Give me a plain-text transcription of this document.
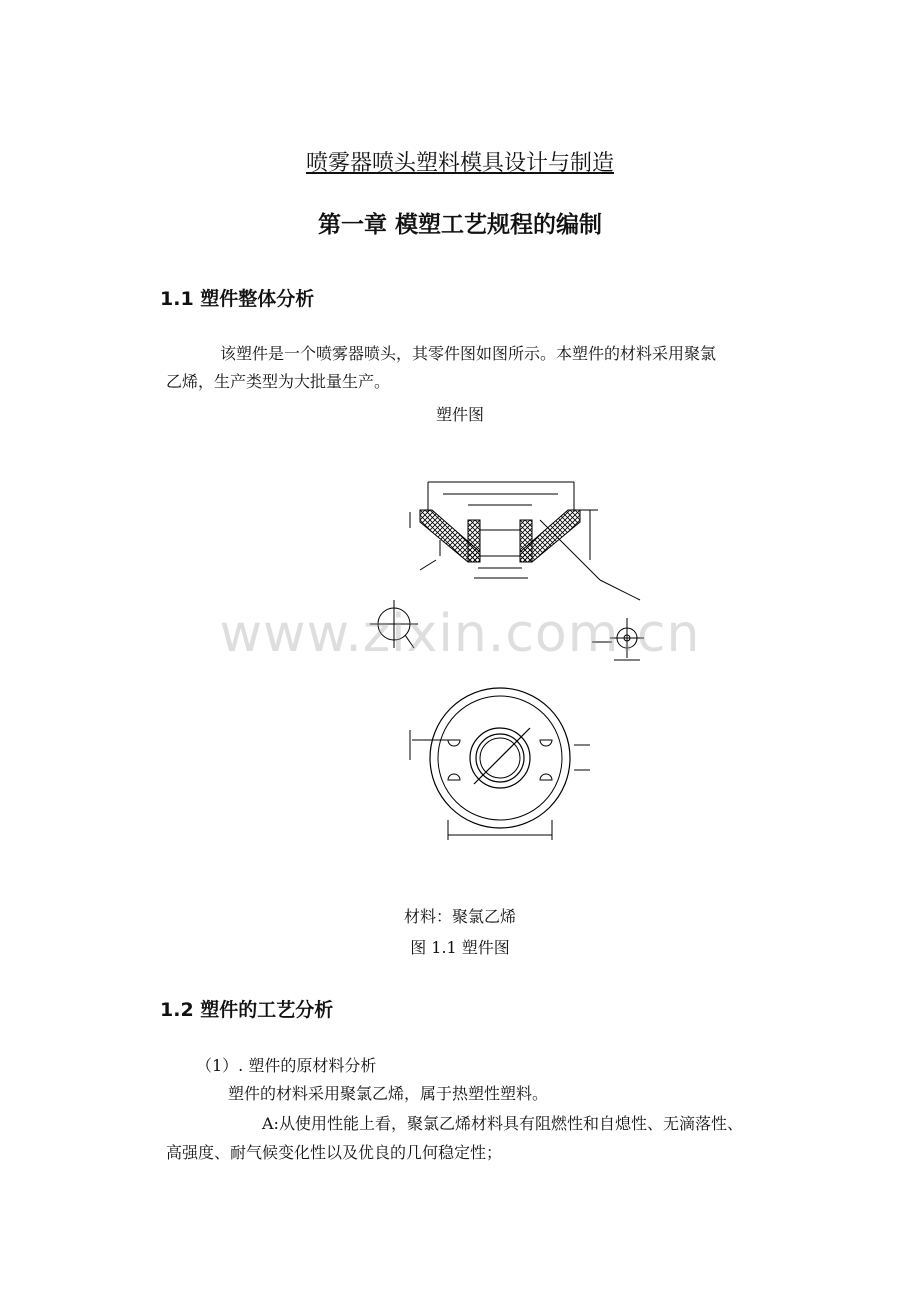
喷雾器喷头塑料模具设计与制造
第一章 模塑工艺规程的编制
1.1 塑件整体分析
该塑件是一个喷雾器喷头，其零件图如图所示。本塑件的材料采用聚氯
乙烯，生产类型为大批量生产。
塑件图
www.zixin.com.cn
材料：聚氯乙烯
图 1.1 塑件图
1.2 塑件的工艺分析
（1）. 塑件的原材料分析
塑件的材料采用聚氯乙烯，属于热塑性塑料。
A:从使用性能上看，聚氯乙烯材料具有阻燃性和自熄性、无滴落性、
高强度、耐气候变化性以及优良的几何稳定性；
